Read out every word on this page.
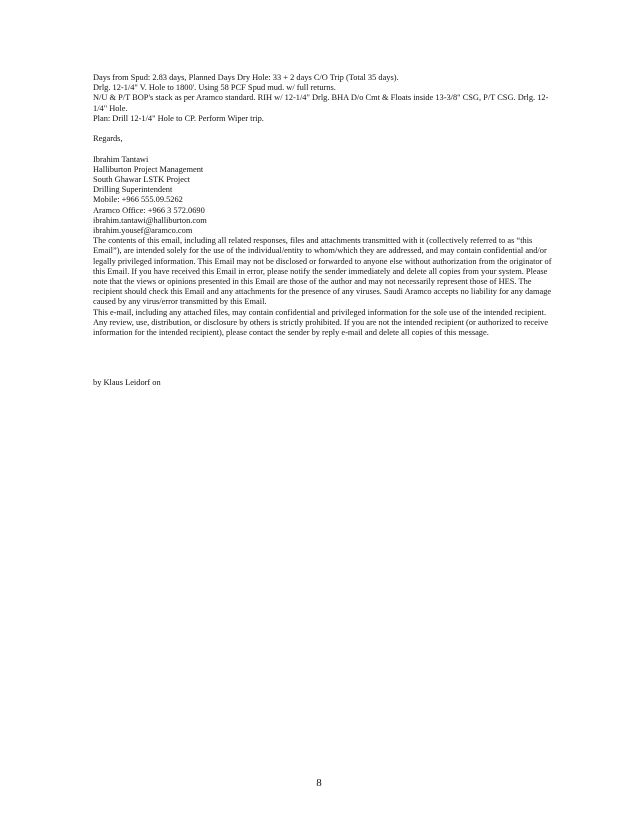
Days from Spud: 2.83 days, Planned Days Dry Hole: 33 + 2 days C/O Trip (Total 35 days).

Drlg. 12-1/4" V. Hole to 1800'. Using 58 PCF Spud mud. w/ full returns.

N/U & P/T BOP's stack as per Aramco standard. RIH w/ 12-1/4" Drlg. BHA D/o Cmt & Floats inside 13-3/8" CSG, P/T CSG. Drlg. 12-1/4" Hole.

Plan: Drill 12-1/4" Hole to CP. Perform Wiper trip.

Regards,

Ibrahim Tantawi

Halliburton Project Management

South Ghawar LSTK Project

Drilling Superintendent

Mobile: +966 555.09.5262

Aramco Office: +966 3 572.0690

ibrahim.tantawi@halliburton.com

ibrahim.yousef@aramco.com

The contents of this email, including all related responses, files and attachments transmitted with it (collectively referred to as “this Email”), are intended solely for the use of the individual/entity to whom/which they are addressed, and may contain confidential and/or legally privileged information. This Email may not be disclosed or forwarded to anyone else without authorization from the originator of this Email. If you have received this Email in error, please notify the sender immediately and delete all copies from your system. Please note that the views or opinions presented in this Email are those of the author and may not necessarily represent those of HES. The recipient should check this Email and any attachments for the presence of any viruses. Saudi Aramco accepts no liability for any damage caused by any virus/error transmitted by this Email.

This e-mail, including any attached files, may contain confidential and privileged information for the sole use of the intended recipient. Any review, use, distribution, or disclosure by others is strictly prohibited. If you are not the intended recipient (or authorized to receive information for the intended recipient), please contact the sender by reply e-mail and delete all copies of this message.

by Klaus Leidorf on

8
